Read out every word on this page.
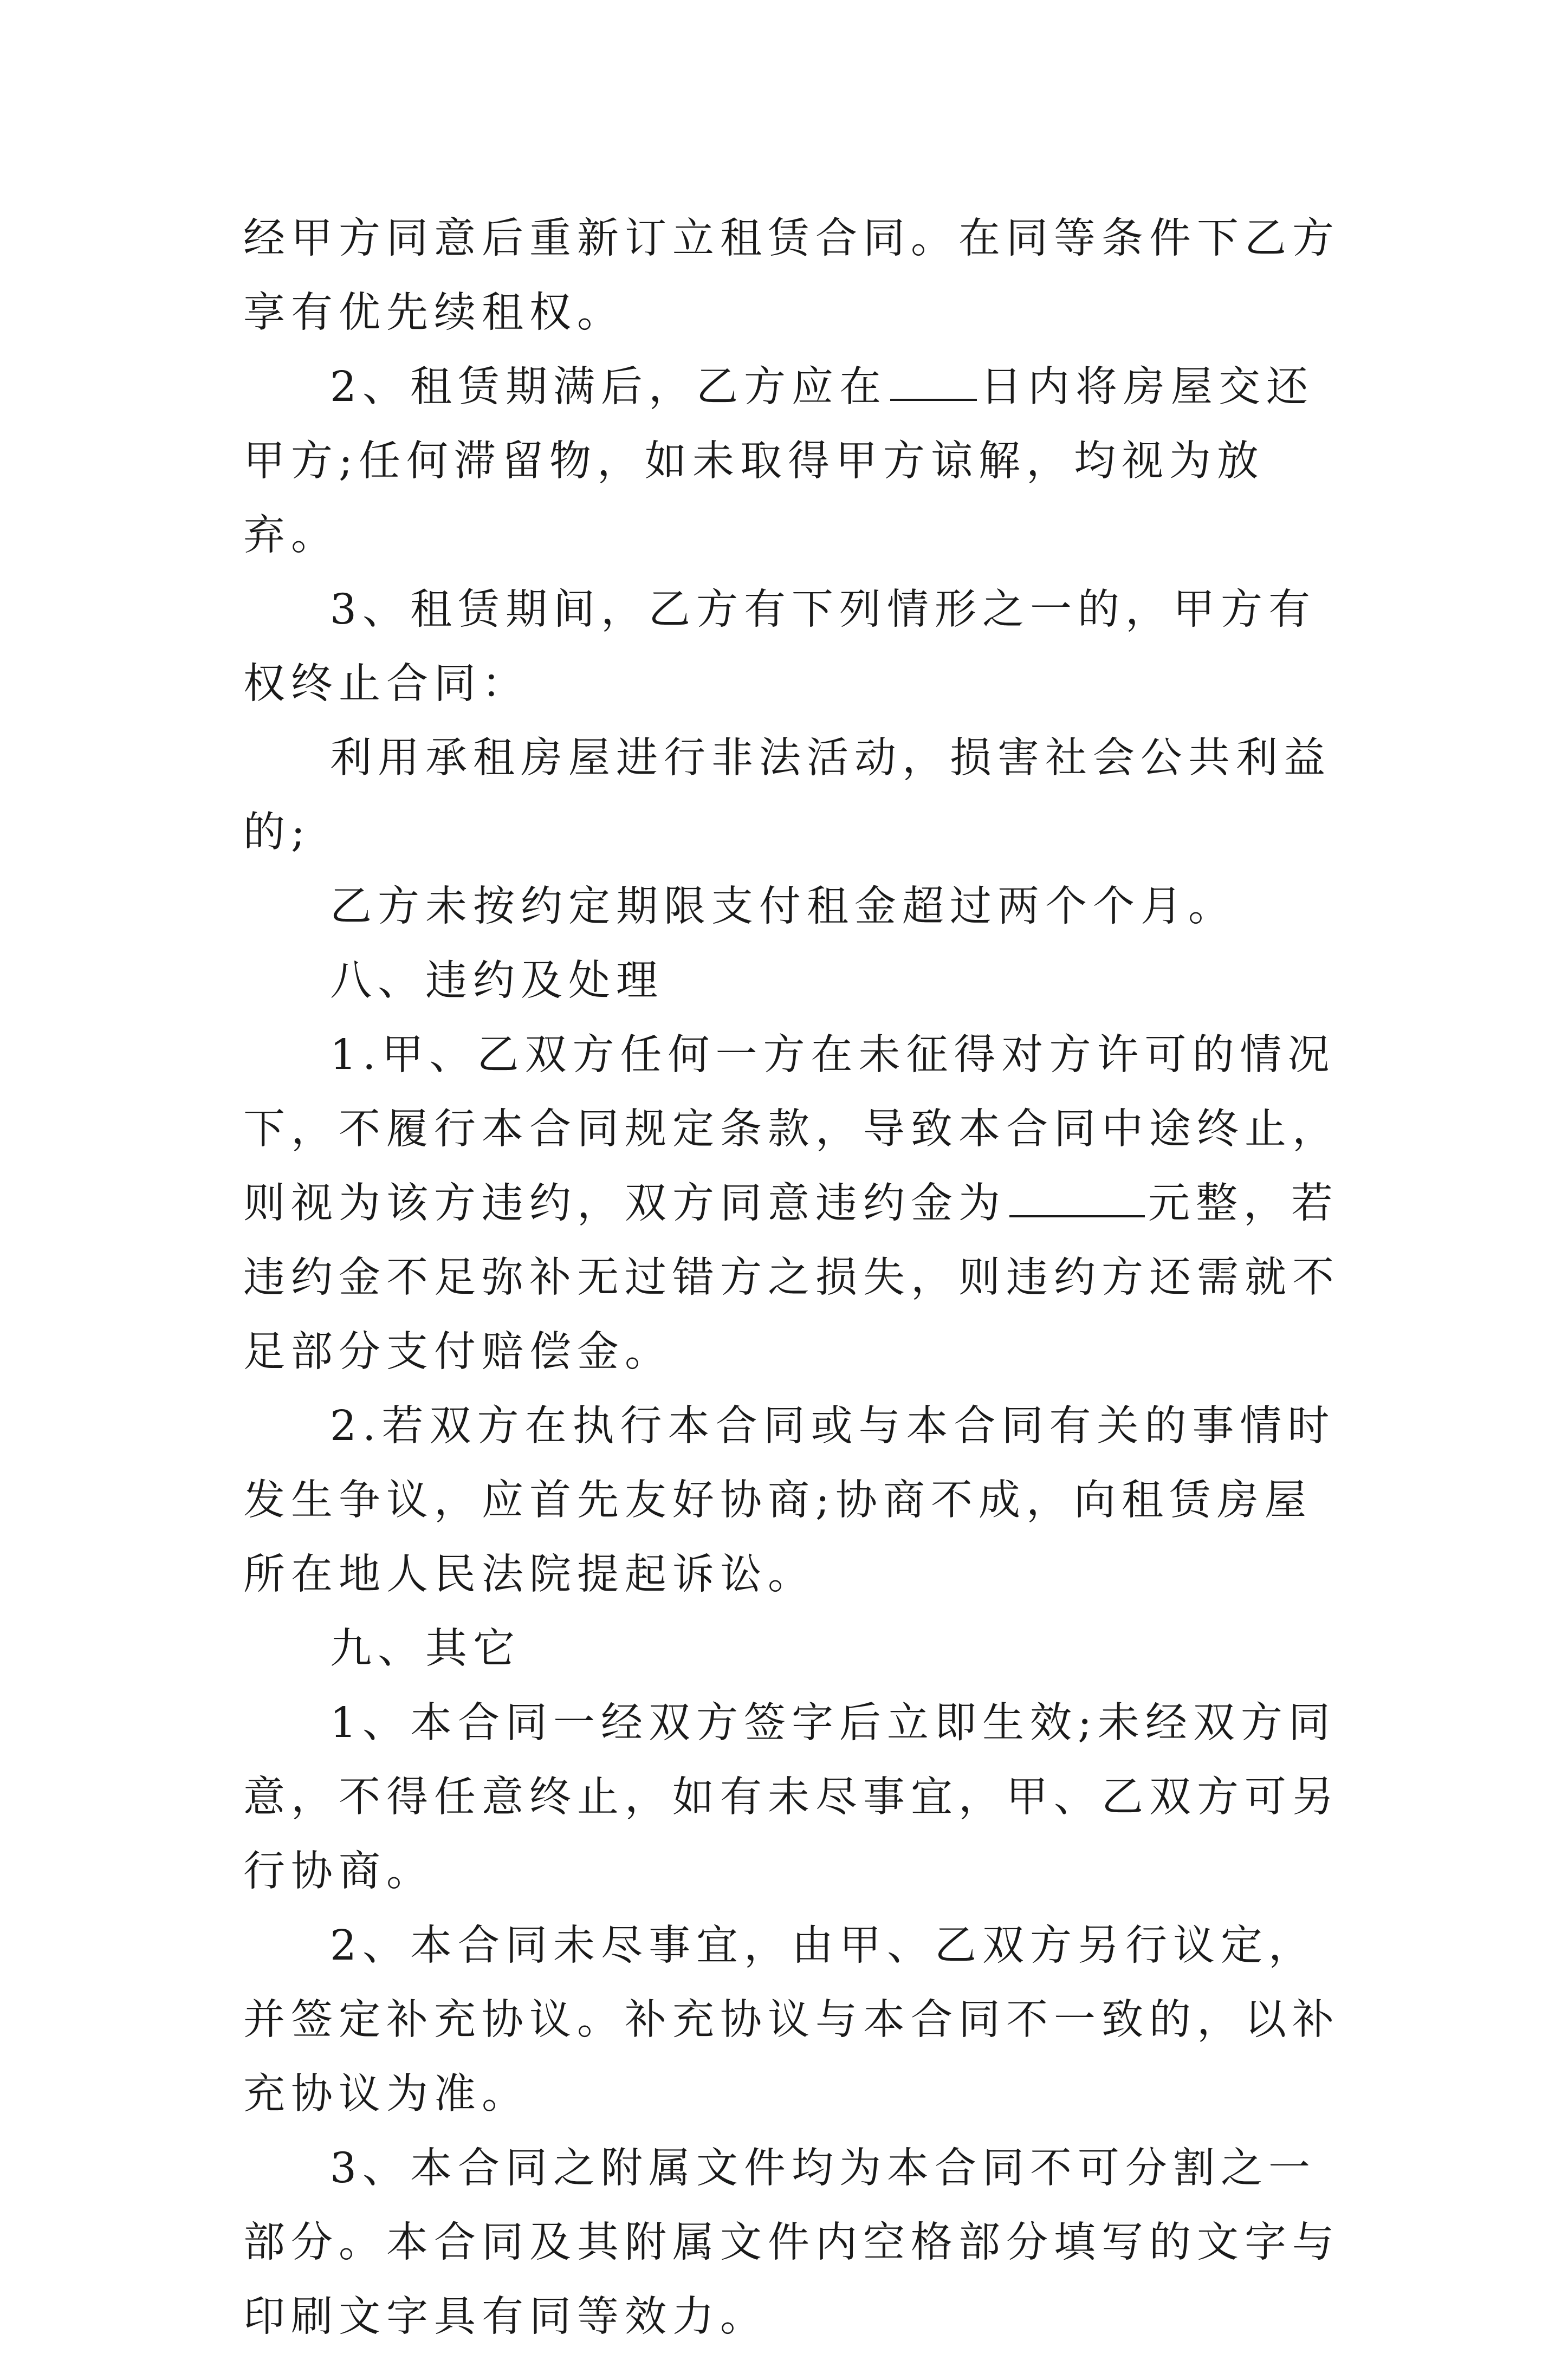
经甲方同意后重新订立租赁合同。在同等条件下乙方享有优先续租权。

2、租赁期满后，乙方应在 日内将房屋交还甲方;任何滞留物，如未取得甲方谅解，均视为放弃。

3、租赁期间，乙方有下列情形之一的，甲方有权终止合同：

利用承租房屋进行非法活动，损害社会公共利益的;

乙方未按约定期限支付租金超过两个个月。

八、违约及处理

1.甲、乙双方任何一方在未征得对方许可的情况下，不履行本合同规定条款，导致本合同中途终止，则视为该方违约，双方同意违约金为	元整，若违约金不足弥补无过错方之损失，则违约方还需就不足部分支付赔偿金。

2.若双方在执行本合同或与本合同有关的事情时发生争议，应首先友好协商;协商不成，向租赁房屋所在地人民法院提起诉讼。

九、其它

1、本合同一经双方签字后立即生效;未经双方同意，不得任意终止，如有未尽事宜，甲、乙双方可另行协商。

2、本合同未尽事宜，由甲、乙双方另行议定，并签定补充协议。补充协议与本合同不一致的，以补充协议为准。

3、本合同之附属文件均为本合同不可分割之一部分。本合同及其附属文件内空格部分填写的文字与印刷文字具有同等效力。
